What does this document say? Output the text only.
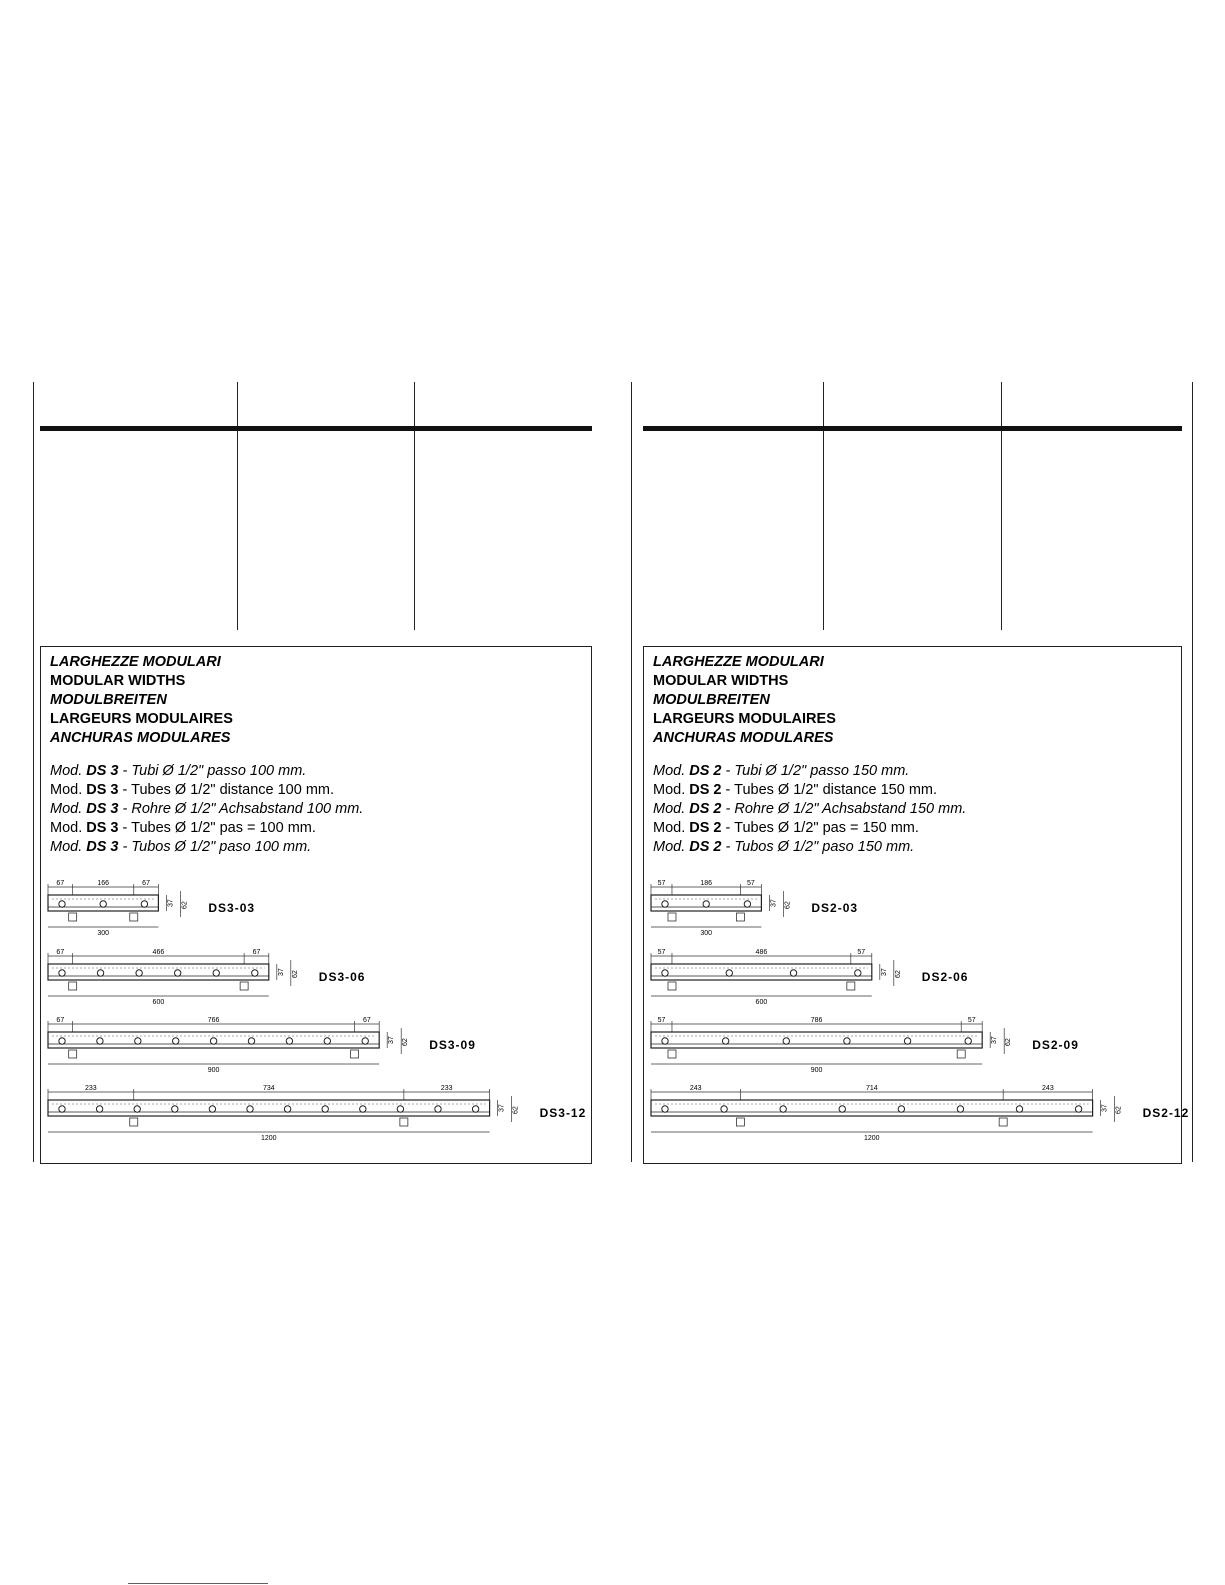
LARGHEZZE MODULARI
MODULAR WIDTHS
MODULBREITEN
LARGEURS MODULAIRES
ANCHURAS MODULARES
Mod. DS 3 - Tubi Ø 1/2" passo 100 mm.
Mod. DS 3 - Tubes Ø 1/2" distance 100 mm.
Mod. DS 3 - Rohre Ø 1/2" Achsabstand 100 mm.
Mod. DS 3 - Tubes Ø 1/2" pas = 100 mm.
Mod. DS 3 - Tubos Ø 1/2" paso 100 mm.
67	166	67
300
37 62 DS3-03
67	466	67
600
37 62 DS3-06
67	766	67
900
37 62 DS3-09
233	734	233
1200
37 62 DS3-12
LARGHEZZE MODULARI
MODULAR WIDTHS
MODULBREITEN
LARGEURS MODULAIRES
ANCHURAS MODULARES
Mod. DS 2 - Tubi Ø 1/2" passo 150 mm.
Mod. DS 2 - Tubes Ø 1/2" distance 150 mm.
Mod. DS 2 - Rohre Ø 1/2" Achsabstand 150 mm.
Mod. DS 2 - Tubes Ø 1/2" pas = 150 mm.
Mod. DS 2 - Tubos Ø 1/2" paso 150 mm.
57	186	57
300
37 62 DS2-03
57	486	57
600
37 62 DS2-06
57	786	57
900
37 62 DS2-09
243	714	243
1200
37 62 DS2-12
